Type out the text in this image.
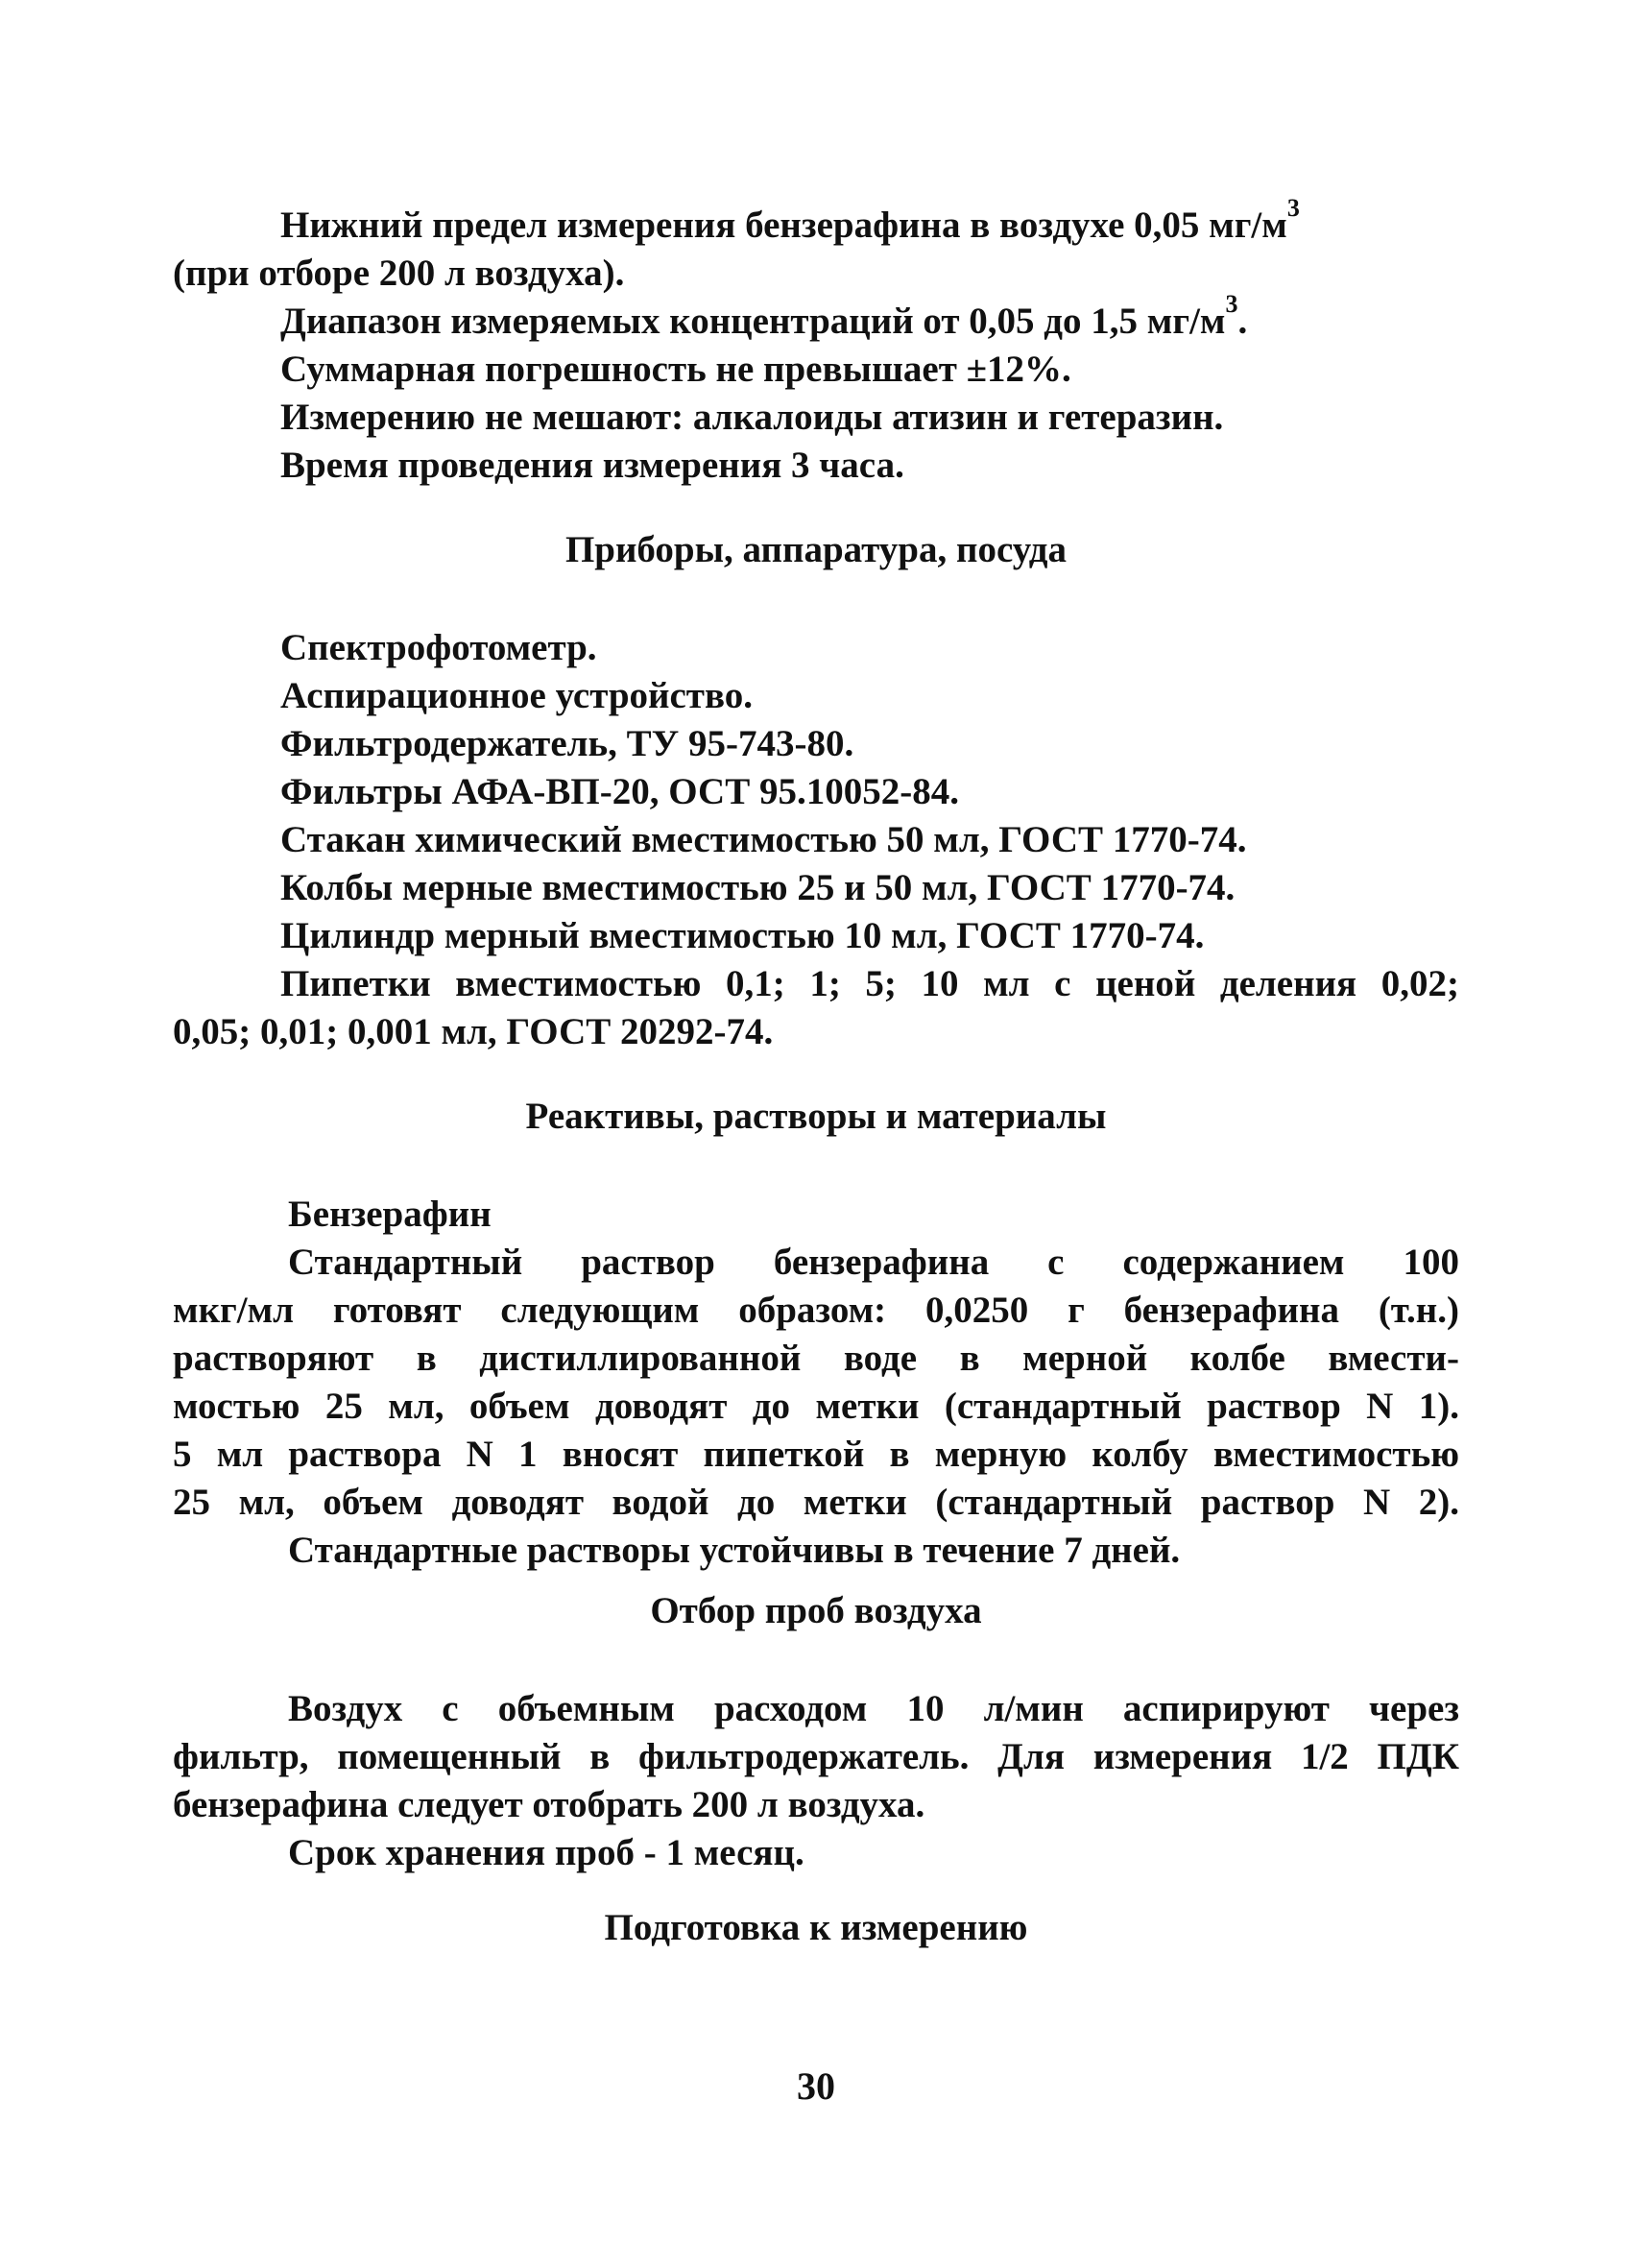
Нижний предел измерения бензерафина в воздухе 0,05 $мг/м^3$

(при отборе 200 л воздуха).

Диапазон измеряемых концентраций от 0,05 до 1,5 $мг/м^3$.

Суммарная погрешность не превышает ±12%.

Измерению не мешают: алкалоиды атизин и гетеразин.

Время проведения измерения 3 часа.

Приборы, аппаратура, посуда

Спектрофотометр.

Аспирационное устройство.

Фильтродержатель, ТУ 95-743-80.

Фильтры АФА-ВП-20, ОСТ 95.10052-84.

Стакан химический вместимостью 50 мл, ГОСТ 1770-74.

Колбы мерные вместимостью 25 и 50 мл, ГОСТ 1770-74.

Цилиндр мерный вместимостью 10 мл, ГОСТ 1770-74.

Пипетки вместимостью 0,1; 1; 5; 10 мл с ценой деления 0,02;

0,05; 0,01; 0,001 мл, ГОСТ 20292-74.

Реактивы, растворы и материалы

Бензерафин

Стандартный раствор бензерафина с содержанием 100

мкг/мл готовят следующим образом: 0,0250 г бензерафина (т.н.)

растворяют в дистиллированной воде в мерной колбе вмести-

мостью 25 мл, объем доводят до метки (стандартный раствор N 1).

5 мл раствора N 1 вносят пипеткой в мерную колбу вместимостью

25 мл, объем доводят водой до метки (стандартный раствор N 2).

Стандартные растворы устойчивы в течение 7 дней.

Отбор проб воздуха

Воздух с объемным расходом 10 л/мин аспирируют через

фильтр, помещенный в фильтродержатель. Для измерения 1/2 ПДК

бензерафина следует отобрать 200 л воздуха.

Срок хранения проб - 1 месяц.

Подготовка к измерению

30
